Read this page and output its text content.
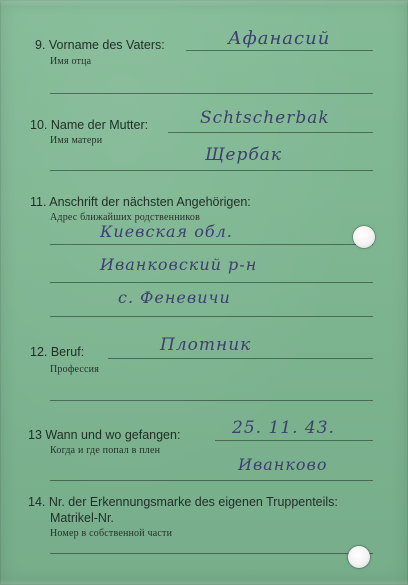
9. Vorname des Vaters:	Афанасий
Имя отца
10. Name der Mutter:	Schtscherbak
Имя матери
Щербак
11. Anschrift der nächsten Angehörigen:
Адрес ближайших родственников
Киевская обл.
Иванковский р-н
с. Феневичи
12. Beruf:	Плотник
Профессия
13 Wann und wo gefangen:	25. 11. 43.
Когда и где попал в плен
Иванково
14. Nr. der Erkennungsmarke des eigenen Truppenteils:
Matrikel-Nr.
Номер в собственной части
